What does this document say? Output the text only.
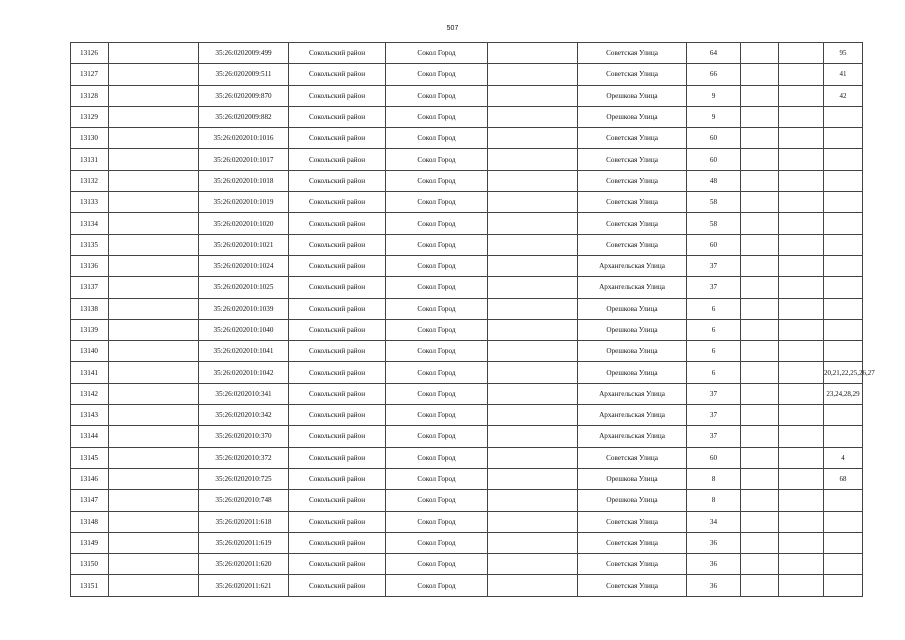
507
13126		35:26:0202009:499	Сокольский район	Сокол Город		Советская Улица	64			95
13127		35:26:0202009:511	Сокольский район	Сокол Город		Советская Улица	66			41
13128		35:26:0202009:870	Сокольский район	Сокол Город		Орешкова Улица	9			42
13129		35:26:0202009:882	Сокольский район	Сокол Город		Орешкова Улица	9			
13130		35:26:0202010:1016	Сокольский район	Сокол Город		Советская Улица	60			
13131		35:26:0202010:1017	Сокольский район	Сокол Город		Советская Улица	60			
13132		35:26:0202010:1018	Сокольский район	Сокол Город		Советская Улица	48			
13133		35:26:0202010:1019	Сокольский район	Сокол Город		Советская Улица	58			
13134		35:26:0202010:1020	Сокольский район	Сокол Город		Советская Улица	58			
13135		35:26:0202010:1021	Сокольский район	Сокол Город		Советская Улица	60			
13136		35:26:0202010:1024	Сокольский район	Сокол Город		Архангельская Улица	37			
13137		35:26:0202010:1025	Сокольский район	Сокол Город		Архангельская Улица	37			
13138		35:26:0202010:1039	Сокольский район	Сокол Город		Орешкова Улица	6			
13139		35:26:0202010:1040	Сокольский район	Сокол Город		Орешкова Улица	6			
13140		35:26:0202010:1041	Сокольский район	Сокол Город		Орешкова Улица	6			
13141		35:26:0202010:1042	Сокольский район	Сокол Город		Орешкова Улица	6			20,21,22,25,26,27
13142		35:26:0202010:341	Сокольский район	Сокол Город		Архангельская Улица	37			23,24,28,29
13143		35:26:0202010:342	Сокольский район	Сокол Город		Архангельская Улица	37			
13144		35:26:0202010:370	Сокольский район	Сокол Город		Архангельская Улица	37			
13145		35:26:0202010:372	Сокольский район	Сокол Город		Советская Улица	60			4
13146		35:26:0202010:725	Сокольский район	Сокол Город		Орешкова Улица	8			68
13147		35:26:0202010:748	Сокольский район	Сокол Город		Орешкова Улица	8			
13148		35:26:0202011:618	Сокольский район	Сокол Город		Советская Улица	34			
13149		35:26:0202011:619	Сокольский район	Сокол Город		Советская Улица	36			
13150		35:26:0202011:620	Сокольский район	Сокол Город		Советская Улица	36			
13151		35:26:0202011:621	Сокольский район	Сокол Город		Советская Улица	36			
